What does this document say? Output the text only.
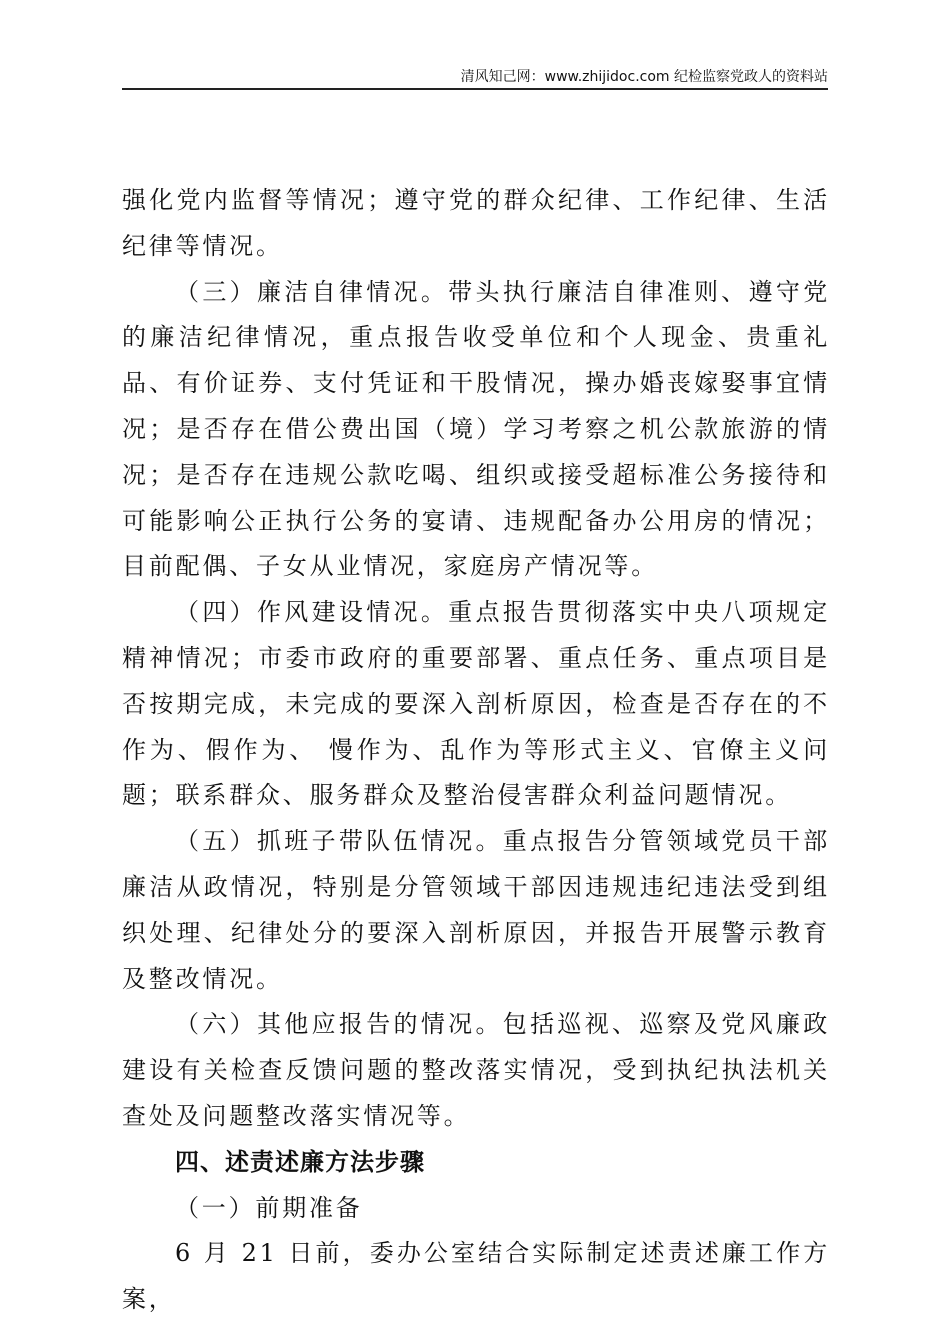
清风知己网：www.zhijidoc.com 纪检监察党政人的资料站

强化党内监督等情况；遵守党的群众纪律、工作纪律、生活纪律等情况。

（三）廉洁自律情况。带头执行廉洁自律准则、遵守党的廉洁纪律情况，重点报告收受单位和个人现金、贵重礼品、有价证券、支付凭证和干股情况，操办婚丧嫁娶事宜情况；是否存在借公费出国（境）学习考察之机公款旅游的情况；是否存在违规公款吃喝、组织或接受超标准公务接待和可能影响公正执行公务的宴请、违规配备办公用房的情况；目前配偶、子女从业情况，家庭房产情况等。

（四）作风建设情况。重点报告贯彻落实中央八项规定精神情况；市委市政府的重要部署、重点任务、重点项目是否按期完成，未完成的要深入剖析原因，检查是否存在的不作为、假作为、 慢作为、乱作为等形式主义、官僚主义问题；联系群众、服务群众及整治侵害群众利益问题情况。

（五）抓班子带队伍情况。重点报告分管领域党员干部廉洁从政情况，特别是分管领域干部因违规违纪违法受到组织处理、纪律处分的要深入剖析原因，并报告开展警示教育及整改情况。

（六）其他应报告的情况。包括巡视、巡察及党风廉政建设有关检查反馈问题的整改落实情况，受到执纪执法机关查处及问题整改落实情况等。

四、述责述廉方法步骤

（一）前期准备

6 月 21 日前，委办公室结合实际制定述责述廉工作方案，
